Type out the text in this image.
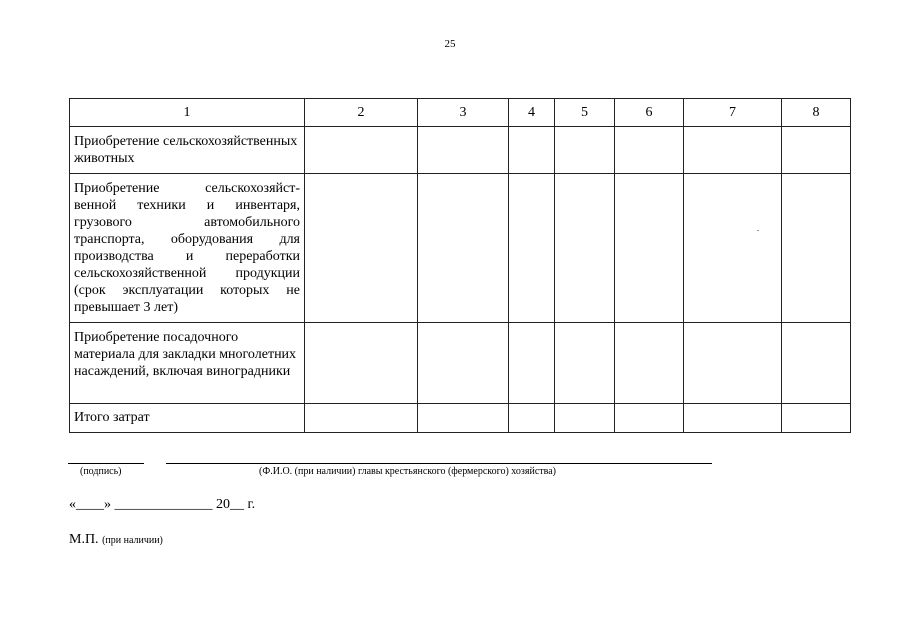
25
1	2	3	4	5	6	7	8

Приобретение сельскохозяйственных животных							

Приобретение сельскохозяйст-венной техники и инвентаря, грузового автомобильного транспорта, оборудования для производства и переработки сельскохозяйственной продукции (срок эксплуатации которых не превышает 3 лет)							

Приобретение посадочного материала для закладки многолетних насаждений, включая виноградники							

Итого затрат							

(подпись)	(Ф.И.О. (при наличии) главы крестьянского (фермерского) хозяйства)
«____» ______________ 20__ г.
М.П. (при наличии)
